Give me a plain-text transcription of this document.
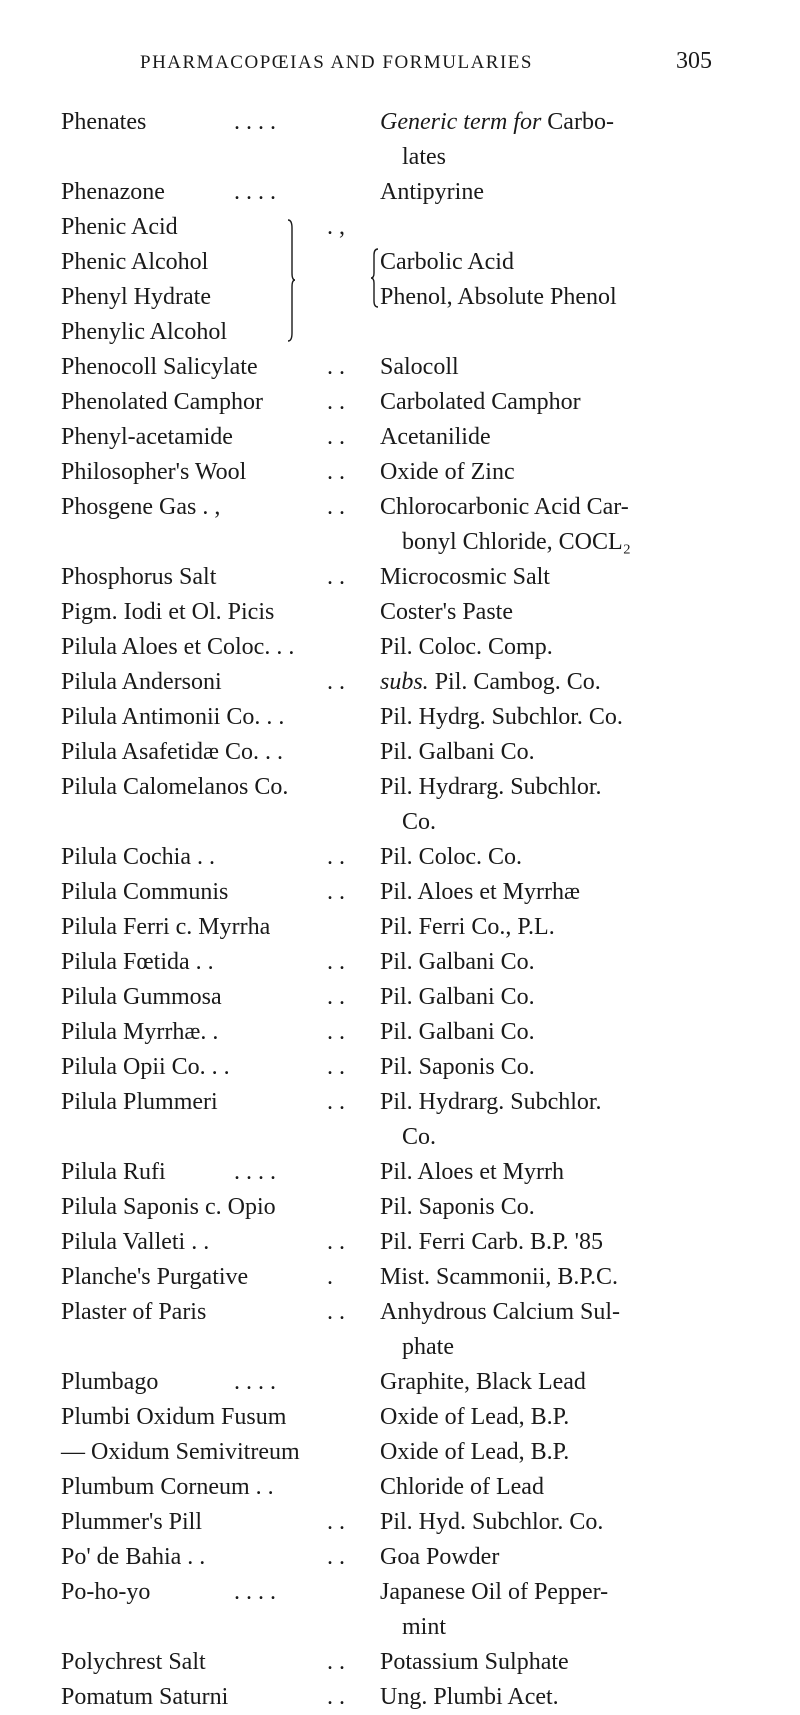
PHARMACOPŒIAS AND FORMULARIES	305
Phenates	. . . .	Generic term for Carbo-
lates
Phenazone	. . . .	Antipyrine
Phenic Acid	. ,
Phenic Alcohol	Carbolic Acid
Phenyl Hydrate	Phenol, Absolute Phenol
Phenylic Alcohol
Phenocoll Salicylate	. . Salocoll
Phenolated Camphor	. . Carbolated Camphor
Phenyl-acetamide	. . Acetanilide
Philosopher's Wool	. . Oxide of Zinc
Phosgene Gas . ,	. . Chlorocarbonic Acid Car-
bonyl Chloride, COCL₂
Phosphorus Salt	. . Microcosmic Salt
Pigm. Iodi et Ol. Picis	Coster's Paste
Pilula Aloes et Coloc. . .	Pil. Coloc. Comp.
Pilula Andersoni	. . subs. Pil. Cambog. Co.
Pilula Antimonii Co. . .	Pil. Hydrg. Subchlor. Co.
Pilula Asafetidæ Co. . .	Pil. Galbani Co.
Pilula Calomelanos Co.	Pil. Hydrarg. Subchlor.
Co.
Pilula Cochia . .	. . Pil. Coloc. Co.
Pilula Communis	. . Pil. Aloes et Myrrhæ
Pilula Ferri c. Myrrha	Pil. Ferri Co., P.L.
Pilula Fœtida . .	. . Pil. Galbani Co.
Pilula Gummosa	. . Pil. Galbani Co.
Pilula Myrrhæ. .	. . Pil. Galbani Co.
Pilula Opii Co. . .	. . Pil. Saponis Co.
Pilula Plummeri	. . Pil. Hydrarg. Subchlor.
Co.
Pilula Rufi	. . . .	Pil. Aloes et Myrrh
Pilula Saponis c. Opio	Pil. Saponis Co.
Pilula Valleti . .	. . Pil. Ferri Carb. B.P. '85
Planche's Purgative	. Mist. Scammonii, B.P.C.
Plaster of Paris	. . Anhydrous Calcium Sul-
phate
Plumbago	. . . .	Graphite, Black Lead
Plumbi Oxidum Fusum	Oxide of Lead, B.P.
— Oxidum Semivitreum	Oxide of Lead, B.P.
Plumbum Corneum . .	Chloride of Lead
Plummer's Pill	. . Pil. Hyd. Subchlor. Co.
Po' de Bahia . .	. . Goa Powder
Po-ho-yo	. . . .	Japanese Oil of Pepper-
mint
Polychrest Salt	. . Potassium Sulphate
Pomatum Saturni	. . Ung. Plumbi Acet.
